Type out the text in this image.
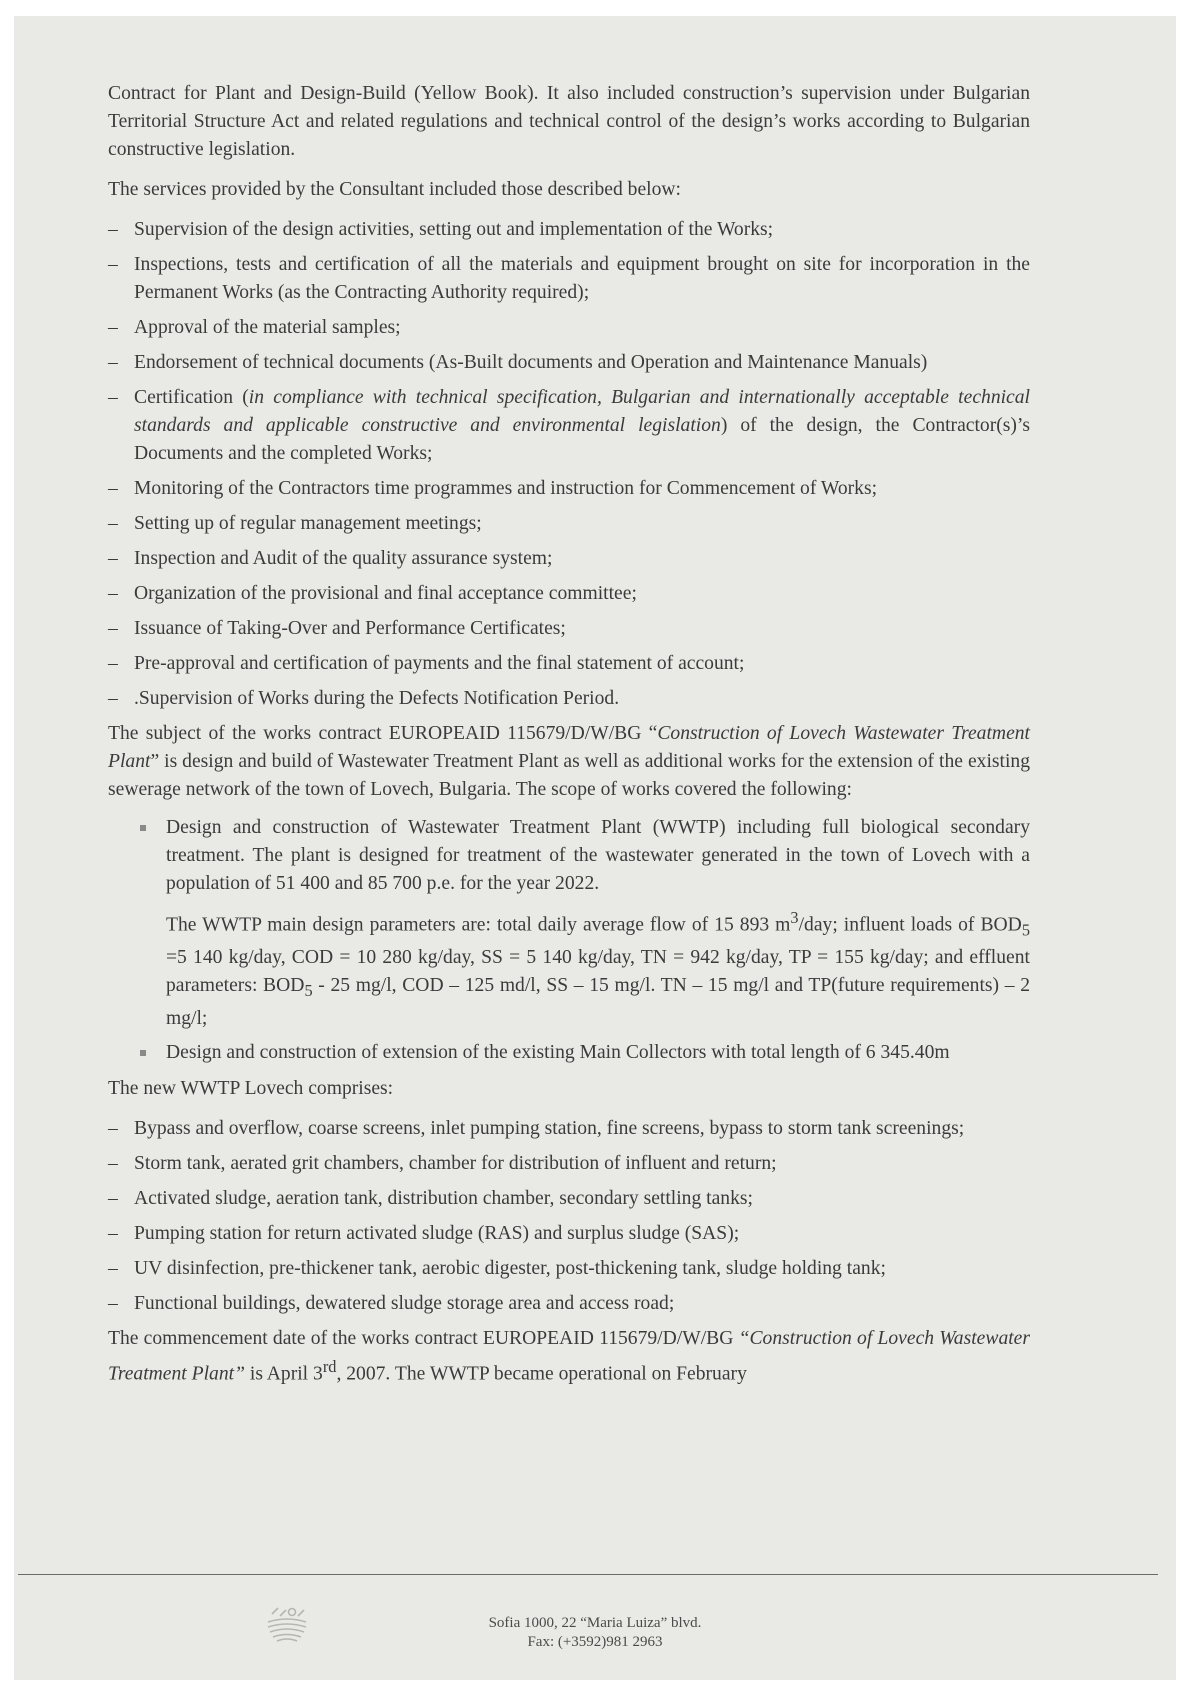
Contract for Plant and Design-Build (Yellow Book). It also included construction’s supervision under Bulgarian Territorial Structure Act and related regulations and technical control of the design’s works according to Bulgarian constructive legislation.

The services provided by the Consultant included those described below:

– Supervision of the design activities, setting out and implementation of the Works;
– Inspections, tests and certification of all the materials and equipment brought on site for incorporation in the Permanent Works (as the Contracting Authority required);
– Approval of the material samples;
– Endorsement of technical documents (As-Built documents and Operation and Maintenance Manuals)
– Certification (in compliance with technical specification, Bulgarian and internationally acceptable technical standards and applicable constructive and environmental legislation) of the design, the Contractor(s)’s Documents and the completed Works;
– Monitoring of the Contractors time programmes and instruction for Commencement of Works;
– Setting up of regular management meetings;
– Inspection and Audit of the quality assurance system;
– Organization of the provisional and final acceptance committee;
– Issuance of Taking-Over and Performance Certificates;
– Pre-approval and certification of payments and the final statement of account;
– .Supervision of Works during the Defects Notification Period.

The subject of the works contract EUROPEAID 115679/D/W/BG “Construction of Lovech Wastewater Treatment Plant” is design and build of Wastewater Treatment Plant as well as additional works for the extension of the existing sewerage network of the town of Lovech, Bulgaria. The scope of works covered the following:

Design and construction of Wastewater Treatment Plant (WWTP) including full biological secondary treatment. The plant is designed for treatment of the wastewater generated in the town of Lovech with a population of 51 400 and 85 700 p.e. for the year 2022.
The WWTP main design parameters are: total daily average flow of 15 893 $m^3$/day; influent loads of $BOD_5 =5$ 140 kg/day, COD = 10 280 kg/day, SS = 5 140 kg/day, TN = 942 kg/day, TP = 155 kg/day; and effluent parameters: $BOD_5 - 25$ mg/l, COD – 125 md/l, SS – 15 mg/l. TN – 15 mg/l and TP(future requirements) – 2 mg/l;
Design and construction of extension of the existing Main Collectors with total length of 6 345.40m

The new WWTP Lovech comprises:

– Bypass and overflow, coarse screens, inlet pumping station, fine screens, bypass to storm tank screenings;
– Storm tank, aerated grit chambers, chamber for distribution of influent and return;
– Activated sludge, aeration tank, distribution chamber, secondary settling tanks;
– Pumping station for return activated sludge (RAS) and surplus sludge (SAS);
– UV disinfection, pre-thickener tank, aerobic digester, post-thickening tank, sludge holding tank;
– Functional buildings, dewatered sludge storage area and access road;

The commencement date of the works contract EUROPEAID 115679/D/W/BG “Construction of Lovech Wastewater Treatment Plant” is April 3rd, 2007. The WWTP became operational on February

Sofia 1000, 22 “Maria Luiza” blvd.
Fax: (+3592)981 2963
